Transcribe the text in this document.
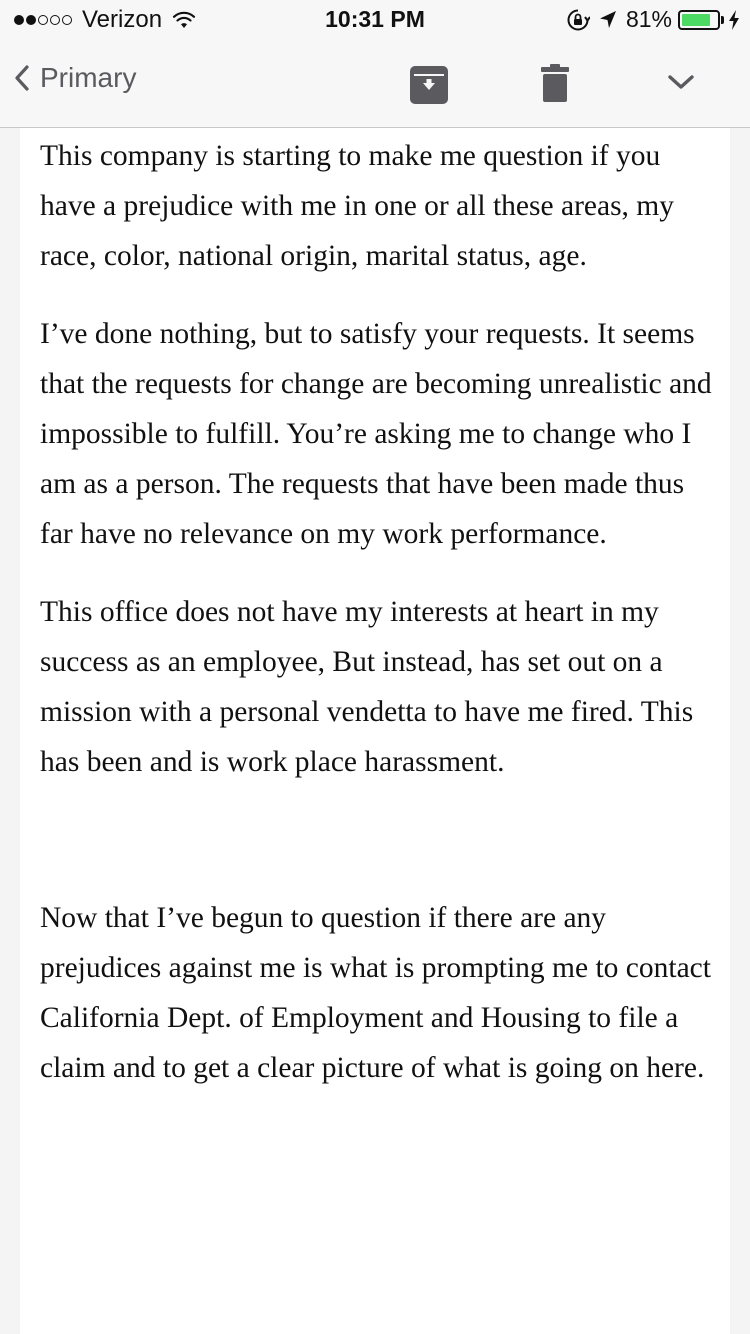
Verizon	10:31 PM	81%
Primary

This company is starting to make me question if you have a prejudice with me in one or all these areas, my race, color, national origin, marital status, age.

I’ve done nothing, but to satisfy your requests. It seems that the requests for change are becoming unrealistic and impossible to fulfill. You’re asking me to change who I am as a person. The requests that have been made thus far have no relevance on my work performance.

This office does not have my interests at heart in my success as an employee, But instead, has set out on a mission with a personal vendetta to have me fired. This has been and is work place harassment.

Now that I’ve begun to question if there are any prejudices against me is what is prompting me to contact California Dept. of Employment and Housing to file a claim and to get a clear picture of what is going on here.
